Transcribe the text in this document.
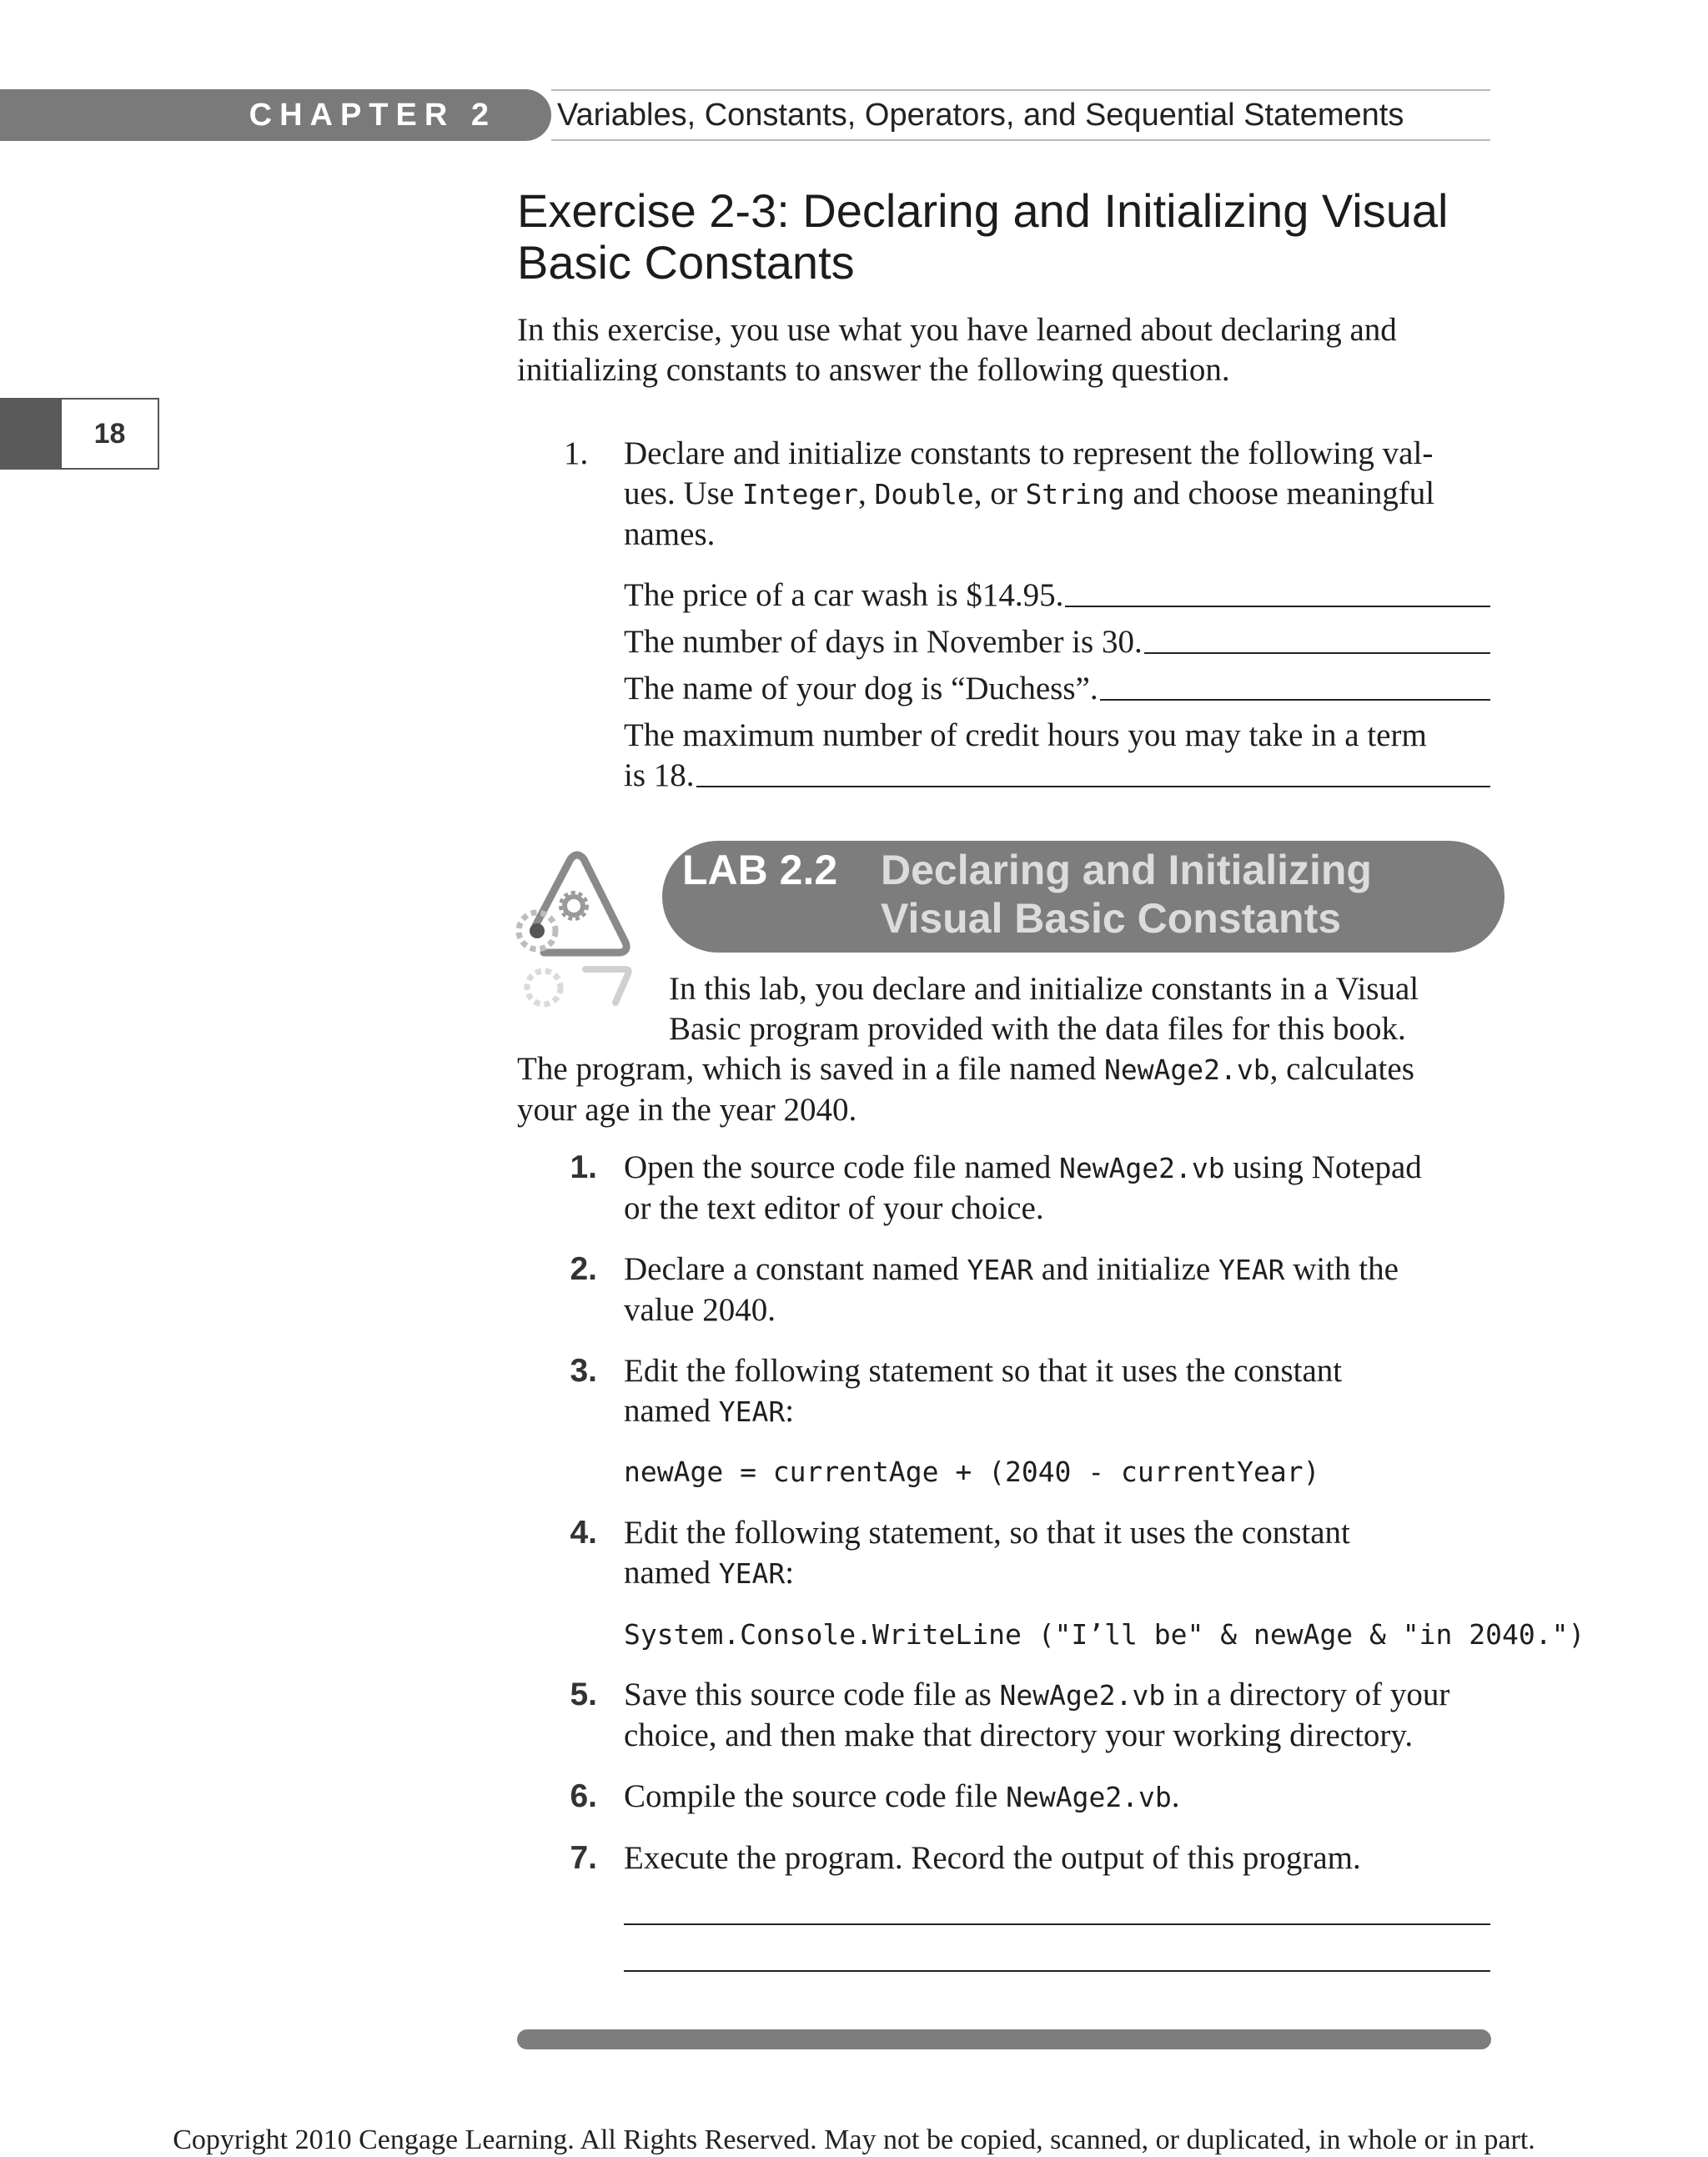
CHAPTER 2 Variables, Constants, Operators, and Sequential Statements
18
Exercise 2-3: Declaring and Initializing Visual
Basic Constants
In this exercise, you use what you have learned about declaring and
initializing constants to answer the following question.
1. Declare and initialize constants to represent the following val-
ues. Use Integer, Double, or String and choose meaningful
names.
The price of a car wash is $14.95.
The number of days in November is 30.
The name of your dog is “Duchess”.
The maximum number of credit hours you may take in a term
is 18.
LAB 2.2 Declaring and Initializing
Visual Basic Constants
In this lab, you declare and initialize constants in a Visual
Basic program provided with the data files for this book.
The program, which is saved in a file named NewAge2.vb, calculates
your age in the year 2040.
1. Open the source code file named NewAge2.vb using Notepad
or the text editor of your choice.
2. Declare a constant named YEAR and initialize YEAR with the
value 2040.
3. Edit the following statement so that it uses the constant
named YEAR:
newAge = currentAge + (2040 - currentYear)
4. Edit the following statement, so that it uses the constant
named YEAR:
System.Console.WriteLine ("I’ll be" & newAge & "in 2040.")
5. Save this source code file as NewAge2.vb in a directory of your
choice, and then make that directory your working directory.
6. Compile the source code file NewAge2.vb.
7. Execute the program. Record the output of this program.
Copyright 2010 Cengage Learning. All Rights Reserved. May not be copied, scanned, or duplicated, in whole or in part.
